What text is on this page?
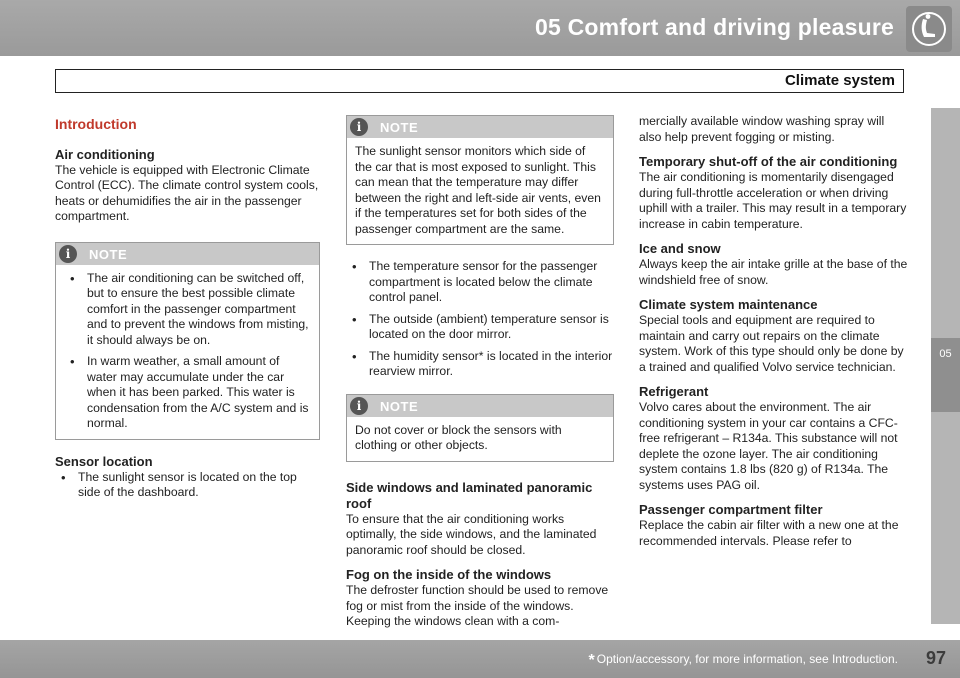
05 Comfort and driving pleasure
Climate system
05
Introduction
Air conditioning

The vehicle is equipped with Electronic Climate Control (ECC). The climate control system cools, heats or dehumidifies the air in the passenger compartment.

i	NOTE
• The air conditioning can be switched off, but to ensure the best possible climate comfort in the passenger compartment and to prevent the windows from misting, it should always be on.
• In warm weather, a small amount of water may accumulate under the car when it has been parked. This water is condensation from the A/C system and is normal.
Sensor location
• The sunlight sensor is located on the top side of the dashboard.
i	NOTE

The sunlight sensor monitors which side of the car that is most exposed to sunlight. This can mean that the temperature may differ between the right and left-side air vents, even if the temperatures set for both sides of the passenger compartment are the same.

• The temperature sensor for the passenger compartment is located below the climate control panel.
• The outside (ambient) temperature sensor is located on the door mirror.
• The humidity sensor* is located in the interior rearview mirror.
i	NOTE

Do not cover or block the sensors with clothing or other objects.

Side windows and laminated panoramic roof

To ensure that the air conditioning works optimally, the side windows, and the laminated panoramic roof should be closed.

Fog on the inside of the windows

The defroster function should be used to remove fog or mist from the inside of the windows. Keeping the windows clean with a com-

mercially available window washing spray will also help prevent fogging or misting.

Temporary shut-off of the air conditioning

The air conditioning is momentarily disengaged during full-throttle acceleration or when driving uphill with a trailer. This may result in a temporary increase in cabin temperature.

Ice and snow

Always keep the air intake grille at the base of the windshield free of snow.

Climate system maintenance

Special tools and equipment are required to maintain and carry out repairs on the climate system. Work of this type should only be done by a trained and qualified Volvo service technician.

Refrigerant

Volvo cares about the environment. The air conditioning system in your car contains a CFC-free refrigerant – R134a. This substance will not deplete the ozone layer. The air conditioning system contains 1.8 lbs (820 g) of R134a. The systems uses PAG oil.

Passenger compartment filter

Replace the cabin air filter with a new one at the recommended intervals. Please refer to

* Option/accessory, for more information, see Introduction. 97
